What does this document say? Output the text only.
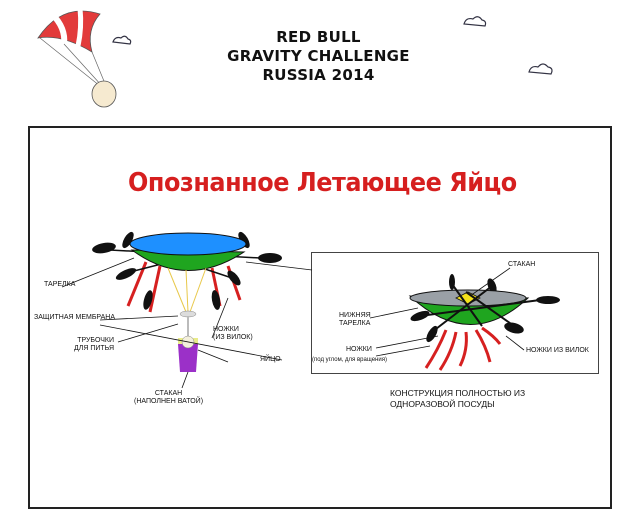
RED BULL
GRAVITY CHALLENGE
RUSSIA 2014
Опознанное Летающее Яйцо
ТАРЕЛКА
ЗАЩИТНАЯ МЕМБРАНА
ТРУБОЧКИ
ДЛЯ ПИТЬЯ
НОЖКИ
(ИЗ ВИЛОК)
ЯЙЦО
СТАКАН
(НАПОЛНЕН ВАТОЙ)
СТАКАН
НИЖНЯЯ
ТАРЕЛКА
НОЖКИ
(под углом, для вращения)
НОЖКИ ИЗ ВИЛОК
КОНСТРУКЦИЯ ПОЛНОСТЬЮ ИЗ
ОДНОРАЗОВОЙ ПОСУДЫ
